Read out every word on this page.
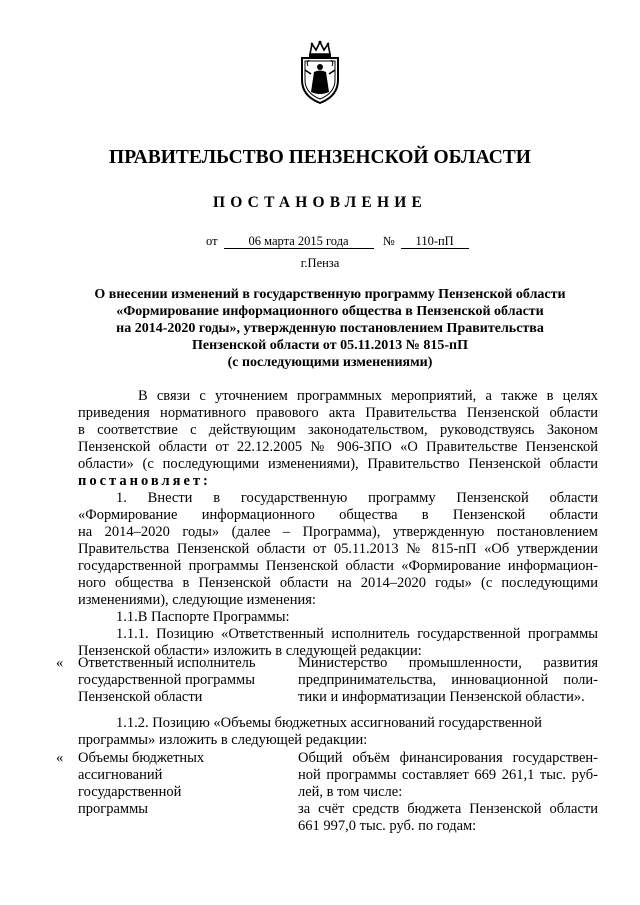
ПРАВИТЕЛЬСТВО ПЕНЗЕНСКОЙ ОБЛАСТИ
ПОСТАНОВЛЕНИЕ
от 06 марта 2015 года	№ 110-пП
г.Пенза
О внесении изменений в государственную программу Пензенской области
«Формирование информационного общества в Пензенской области
на 2014-2020 годы», утвержденную постановлением Правительства
Пензенской области от 05.11.2013 № 815-пП
(с последующими изменениями)
В связи с уточнением программных мероприятий, а также в целях
приведения нормативного правового акта Правительства Пензенской области
в соответствие с действующим законодательством, руководствуясь Законом
Пензенской области от 22.12.2005 № 906-ЗПО «О Правительстве Пензенской
области» (с последующими изменениями), Правительство Пензенской области
постановляет:
1. Внести в государственную программу Пензенской области
«Формирование информационного общества в Пензенской области
на 2014–2020 годы» (далее – Программа), утвержденную постановлением
Правительства Пензенской области от 05.11.2013 № 815-пП «Об утверждении
государственной программы Пензенской области «Формирование информацион-
ного общества в Пензенской области на 2014–2020 годы» (с последующими
изменениями), следующие изменения:
1.1.В Паспорте Программы:
1.1.1. Позицию «Ответственный исполнитель государственной программы
Пензенской области» изложить в следующей редакции:
« Ответственный исполнитель
государственной программы
Пензенской области
Министерство промышленности, развития
предпринимательства, инновационной поли-
тики и информатизации Пензенской области».
1.1.2. Позицию «Объемы бюджетных ассигнований государственной
программы» изложить в следующей редакции:
« Объемы бюджетных
ассигнований
государственной
программы
Общий объём финансирования государствен-
ной программы составляет 669 261,1 тыс. руб-
лей, в том числе:
за счёт средств бюджета Пензенской области
661 997,0 тыс. руб. по годам:
